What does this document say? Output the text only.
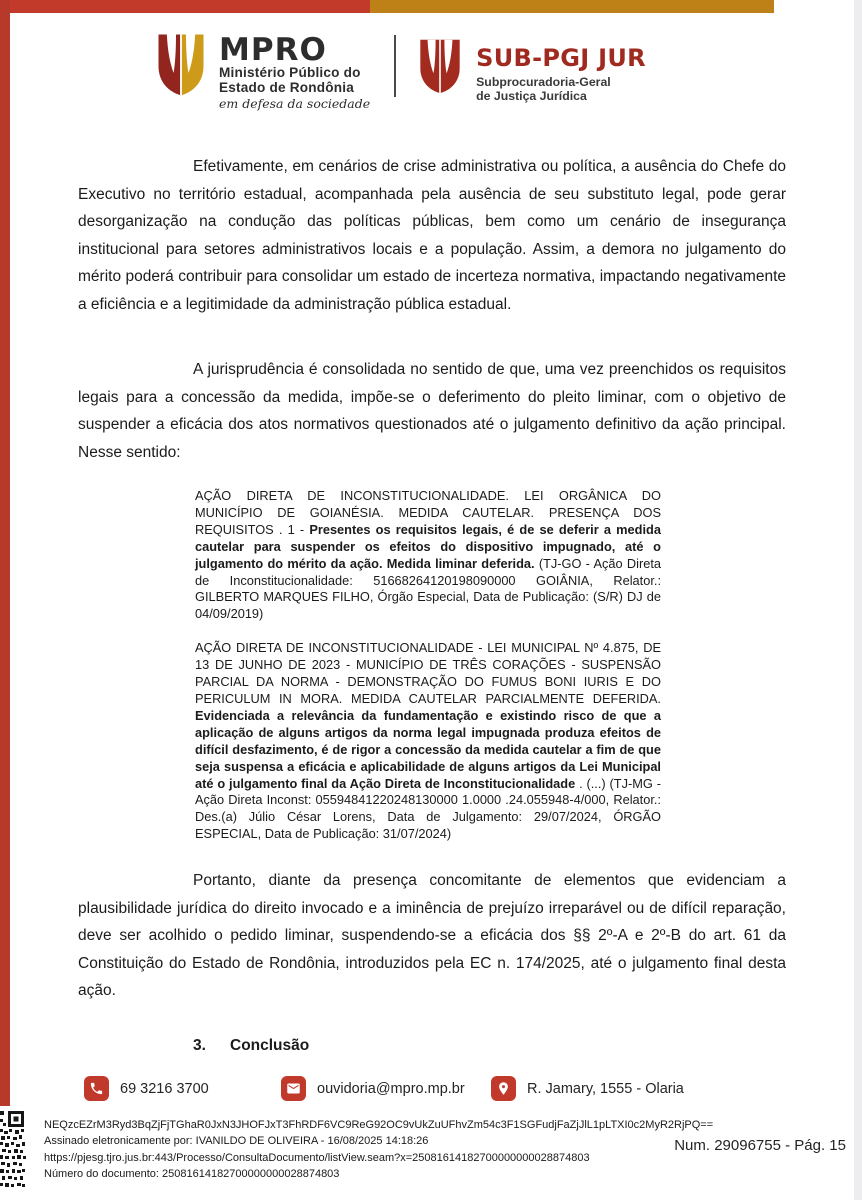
MPRO
Ministério Público do
Estado de Rondônia
em defesa da sociedade
SUB-PGJ JUR
Subprocuradoria-Geral
de Justiça Jurídica

Efetivamente, em cenários de crise administrativa ou política, a ausência do Chefe do Executivo no território estadual, acompanhada pela ausência de seu substituto legal, pode gerar desorganização na condução das políticas públicas, bem como um cenário de insegurança institucional para setores administrativos locais e a população. Assim, a demora no julgamento do mérito poderá contribuir para consolidar um estado de incerteza normativa, impactando negativamente a eficiência e a legitimidade da administração pública estadual.

A jurisprudência é consolidada no sentido de que, uma vez preenchidos os requisitos legais para a concessão da medida, impõe-se o deferimento do pleito liminar, com o objetivo de suspender a eficácia dos atos normativos questionados até o julgamento definitivo da ação principal. Nesse sentido:

AÇÃO DIRETA DE INCONSTITUCIONALIDADE. LEI ORGÂNICA DO MUNICÍPIO DE GOIANÉSIA. MEDIDA CAUTELAR. PRESENÇA DOS REQUISITOS . 1 - Presentes os requisitos legais, é de se deferir a medida cautelar para suspender os efeitos do dispositivo impugnado, até o julgamento do mérito da ação. Medida liminar deferida. (TJ-GO - Ação Direta de Inconstitucionalidade: 51668264120198090000 GOIÂNIA, Relator.: GILBERTO MARQUES FILHO, Órgão Especial, Data de Publicação: (S/R) DJ de 04/09/2019)

AÇÃO DIRETA DE INCONSTITUCIONALIDADE - LEI MUNICIPAL Nº 4.875, DE 13 DE JUNHO DE 2023 - MUNICÍPIO DE TRÊS CORAÇÕES - SUSPENSÃO PARCIAL DA NORMA - DEMONSTRAÇÃO DO FUMUS BONI IURIS E DO PERICULUM IN MORA. MEDIDA CAUTELAR PARCIALMENTE DEFERIDA. Evidenciada a relevância da fundamentação e existindo risco de que a aplicação de alguns artigos da norma legal impugnada produza efeitos de difícil desfazimento, é de rigor a concessão da medida cautelar a fim de que seja suspensa a eficácia e aplicabilidade de alguns artigos da Lei Municipal até o julgamento final da Ação Direta de Inconstitucionalidade . (...) (TJ-MG - Ação Direta Inconst: 05594841220248130000 1.0000 .24.055948-4/000, Relator.: Des.(a) Júlio César Lorens, Data de Julgamento: 29/07/2024, ÓRGÃO ESPECIAL, Data de Publicação: 31/07/2024)

Portanto, diante da presença concomitante de elementos que evidenciam a plausibilidade jurídica do direito invocado e a iminência de prejuízo irreparável ou de difícil reparação, deve ser acolhido o pedido liminar, suspendendo-se a eficácia dos §§ 2º-A e 2º-B do art. 61 da Constituição do Estado de Rondônia, introduzidos pela EC n. 174/2025, até o julgamento final desta ação.

3. Conclusão

69 3216 3700	ouvidoria@mpro.mp.br	R. Jamary, 1555 - Olaria
NEQzcEZrM3Ryd3BqZjFjTGhaR0JxN3JHOFJxT3FhRDF6VC9ReG92OC9vUkZuUFhvZm54c3F1SGFudjFaZjJlL1pLTXI0c2MyR2RjPQ==
Assinado eletronicamente por: IVANILDO DE OLIVEIRA - 16/08/2025 14:18:26
https://pjesg.tjro.jus.br:443/Processo/ConsultaDocumento/listView.seam?x=25081614182700000000028874803
Número do documento: 25081614182700000000028874803
Num. 29096755 - Pág. 15
